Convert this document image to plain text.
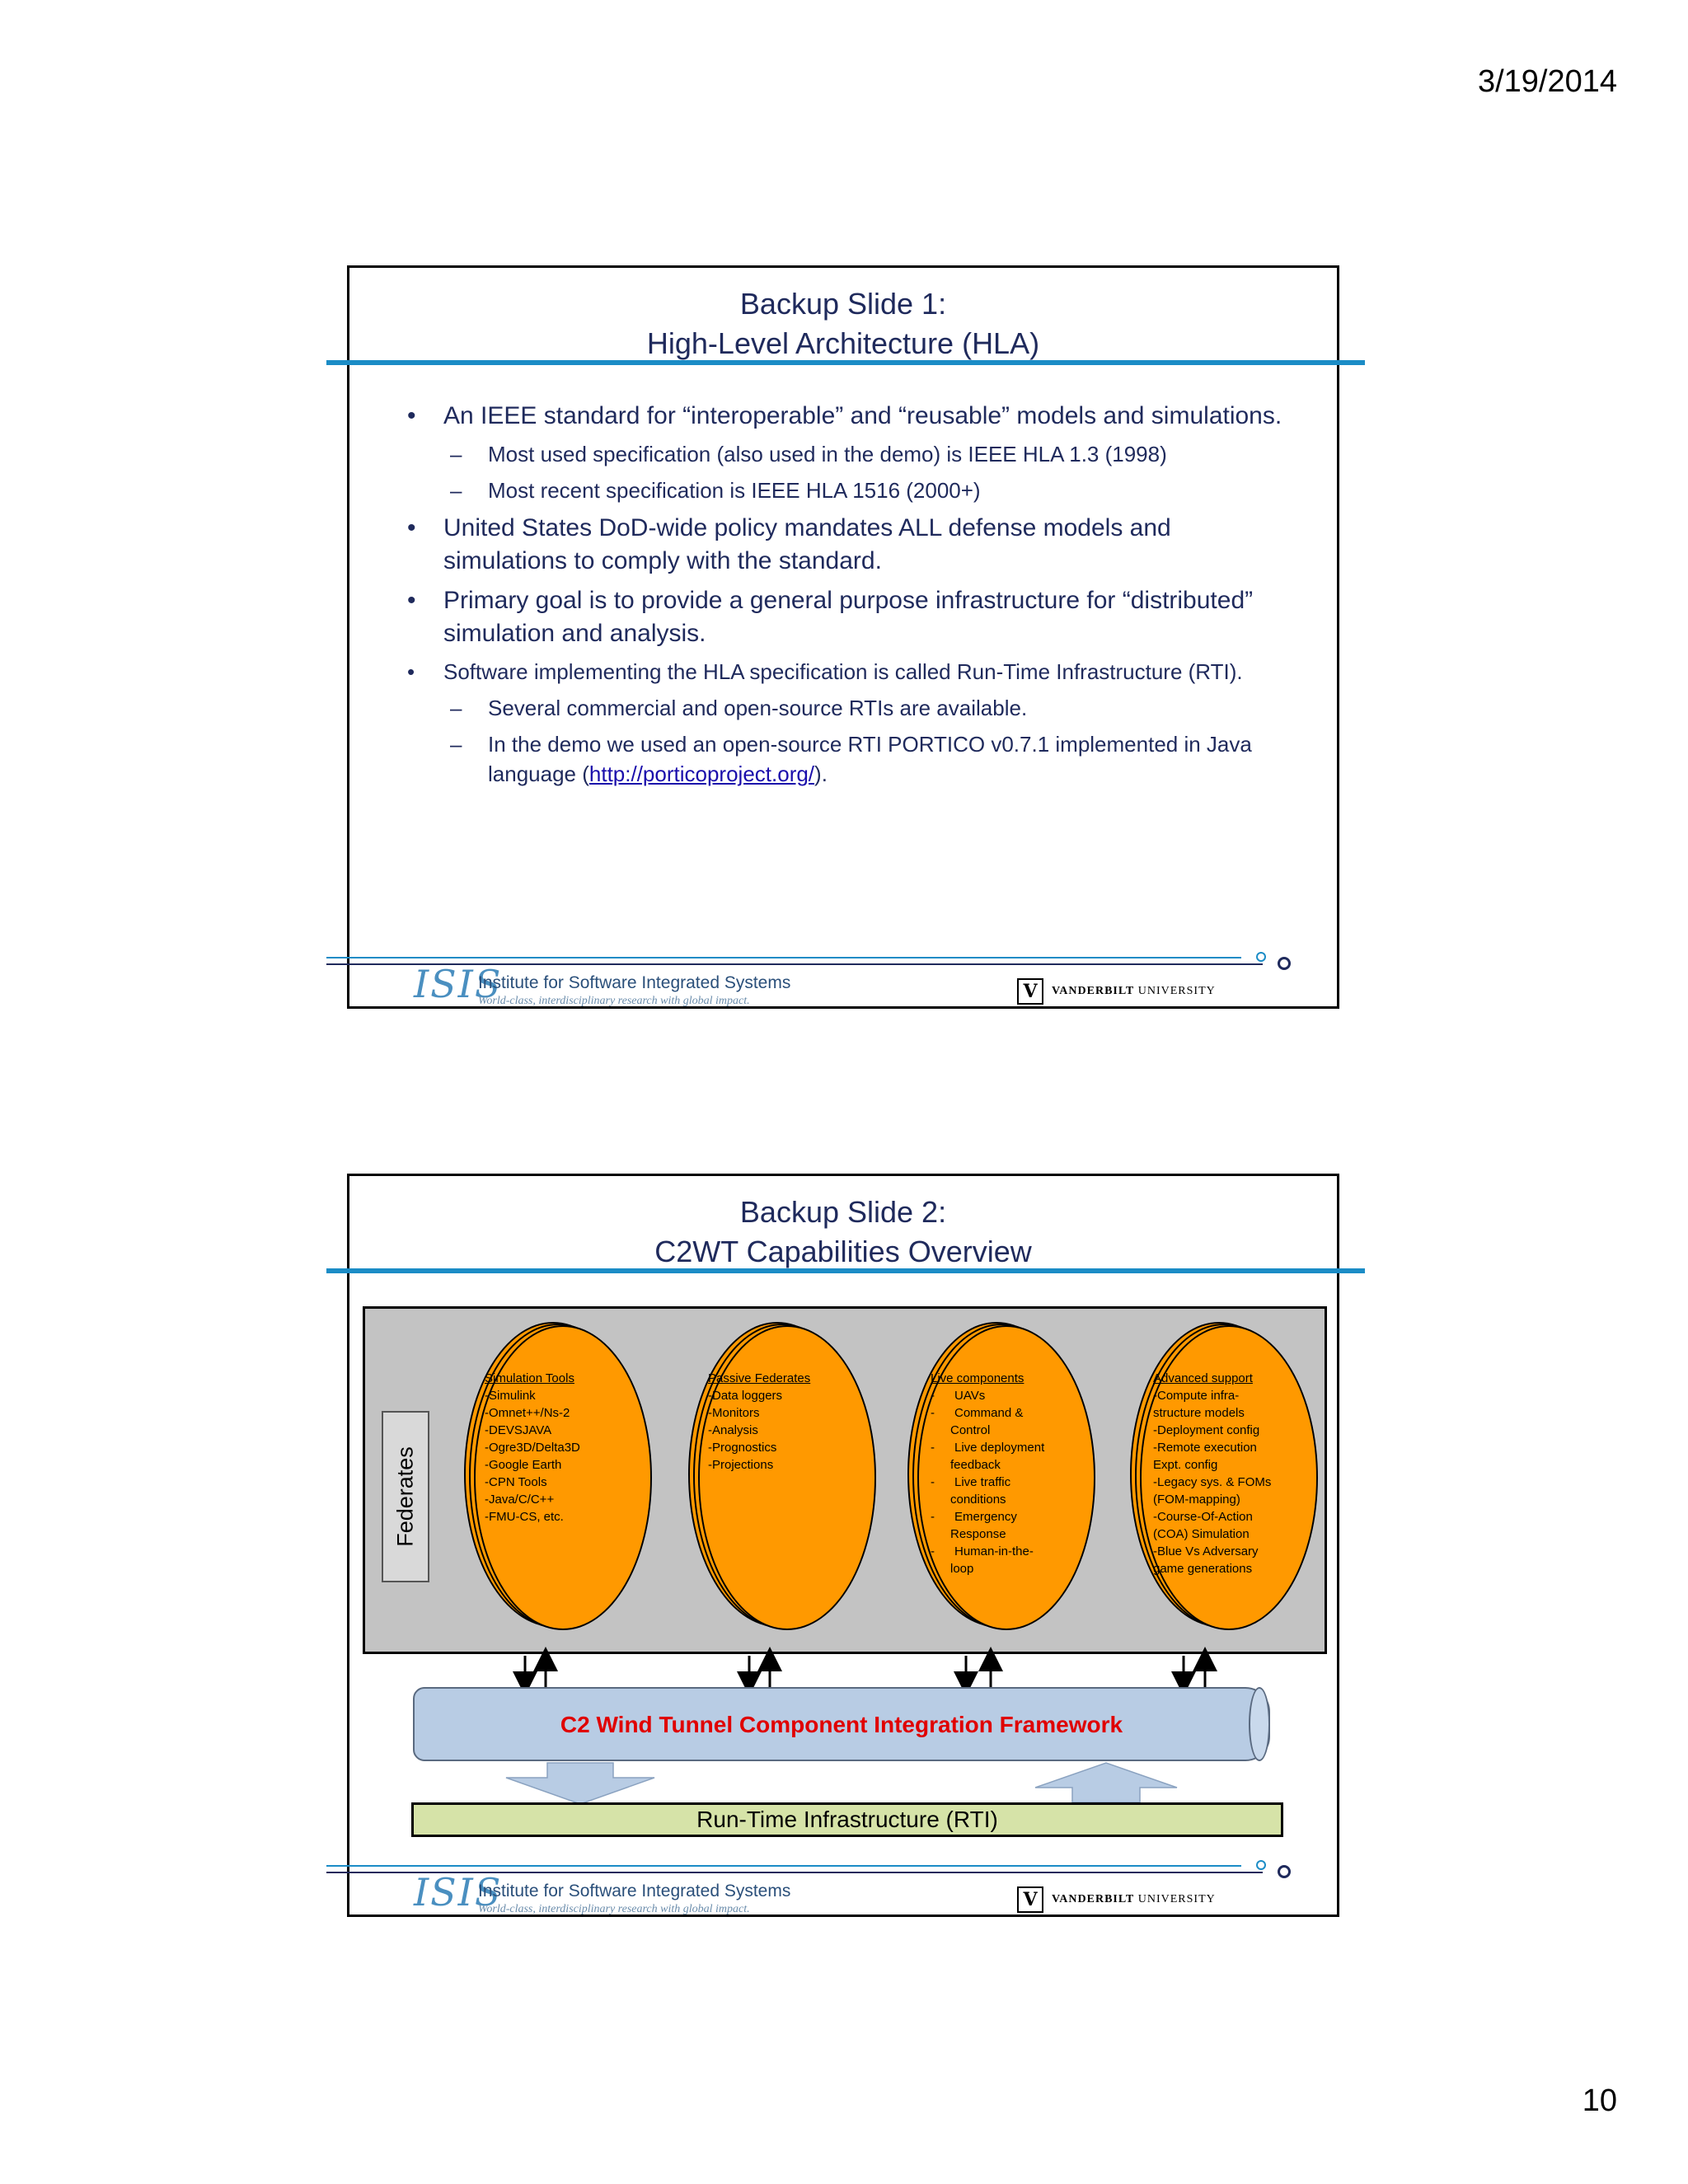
3/19/2014
Backup Slide 1:
High-Level Architecture (HLA)
• An IEEE standard for “interoperable” and “reusable” models and simulations.
– Most used specification (also used in the demo) is IEEE HLA 1.3 (1998)
– Most recent specification is IEEE HLA 1516 (2000+)
• United States DoD-wide policy mandates ALL defense models and simulations to comply with the standard.
• Primary goal is to provide a general purpose infrastructure for “distributed” simulation and analysis.
• Software implementing the HLA specification is called Run-Time Infrastructure (RTI).
– Several commercial and open-source RTIs are available.
– In the demo we used an open-source RTI PORTICO v0.7.1 implemented in Java language (http://porticoproject.org/).
ISIS
Institute for Software Integrated Systems
World-class, interdisciplinary research with global impact.	V	VANDERBILT UNIVERSITY
Backup Slide 2:
C2WT Capabilities Overview
Federates
Simulation Tools
-Simulink
-Omnet++/Ns-2
-DEVSJAVA
-Ogre3D/Delta3D
-Google Earth
-CPN Tools
-Java/C/C++
-FMU-CS, etc.
Passive Federates
-Data loggers
-Monitors
-Analysis
-Prognostics
-Projections
Live components
- UAVs
- Command &
Control
- Live deployment
feedback
- Live traffic
conditions
- Emergency
Response
- Human-in-the-
loop
Advanced support
-Compute infra-
structure models
-Deployment config
-Remote execution
Expt. config
-Legacy sys. & FOMs
(FOM-mapping)
-Course-Of-Action
(COA) Simulation
-Blue Vs Adversary
game generations
C2 Wind Tunnel Component Integration Framework
Run-Time Infrastructure (RTI)
ISIS
Institute for Software Integrated Systems
World-class, interdisciplinary research with global impact.	V	VANDERBILT UNIVERSITY
10
